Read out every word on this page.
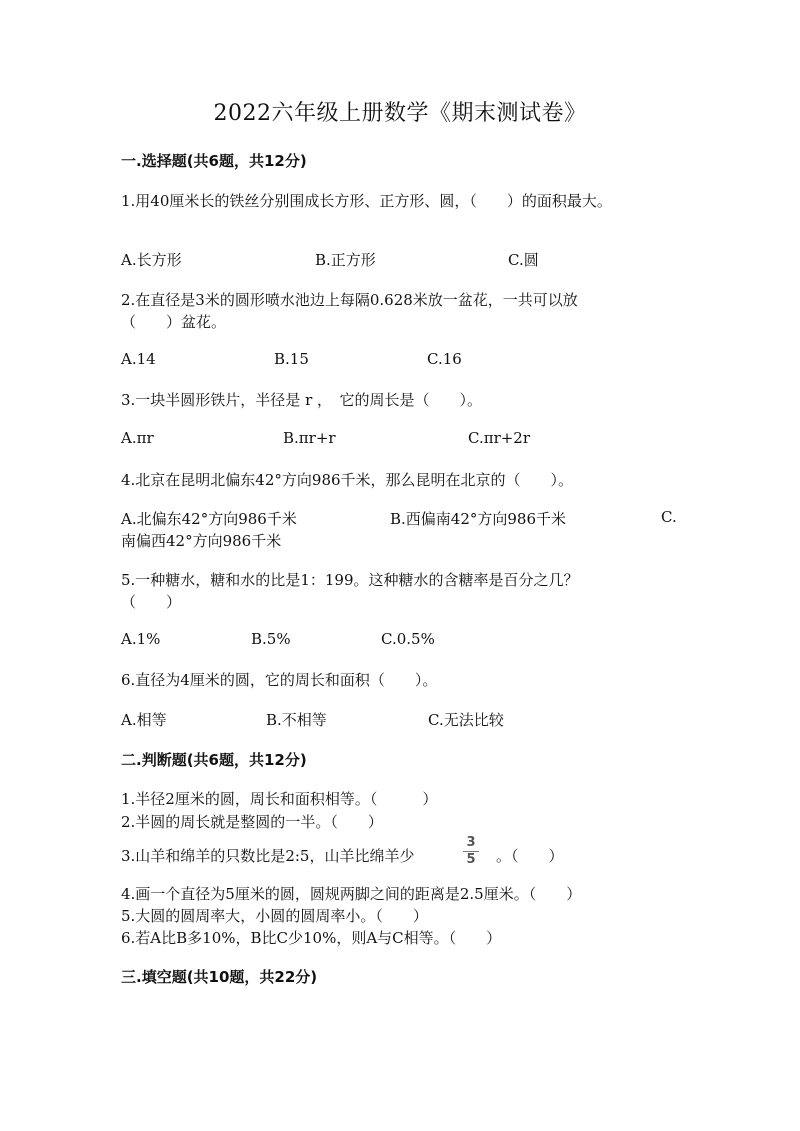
2022六年级上册数学《期末测试卷》
一.选择题(共6题，共12分)
1.用40厘米长的铁丝分别围成长方形、正方形、圆，（　　）的面积最大。
A.长方形	B.正方形	C.圆
2.在直径是3米的圆形喷水池边上每隔0.628米放一盆花，一共可以放
（　　）盆花。
A.14	B.15	C.16
3.一块半圆形铁片，半径是 r ，　它的周长是（　　）。
A.πr	B.πr+r	C.πr+2r
4.北京在昆明北偏东42°方向986千米，那么昆明在北京的（　　）。
A.北偏东42°方向986千米	B.西偏南42°方向986千米	C.
南偏西42°方向986千米
5.一种糖水，糖和水的比是1：199。这种糖水的含糖率是百分之几？
（　　）
A.1%	B.5%	C.0.5%
6.直径为4厘米的圆，它的周长和面积（　　）。
A.相等	B.不相等	C.无法比较
二.判断题(共6题，共12分)
1.半径2厘米的圆，周长和面积相等。（　　　）
2.半圆的周长就是整圆的一半。（　　）
3.山羊和绵羊的只数比是2:5，山羊比绵羊少
3
5 。（　　）
4.画一个直径为5厘米的圆，圆规两脚之间的距离是2.5厘米。（　　）
5.大圆的圆周率大，小圆的圆周率小。（　　）
6.若A比B多10%，B比C少10%，则A与C相等。（　　）
三.填空题(共10题，共22分)
